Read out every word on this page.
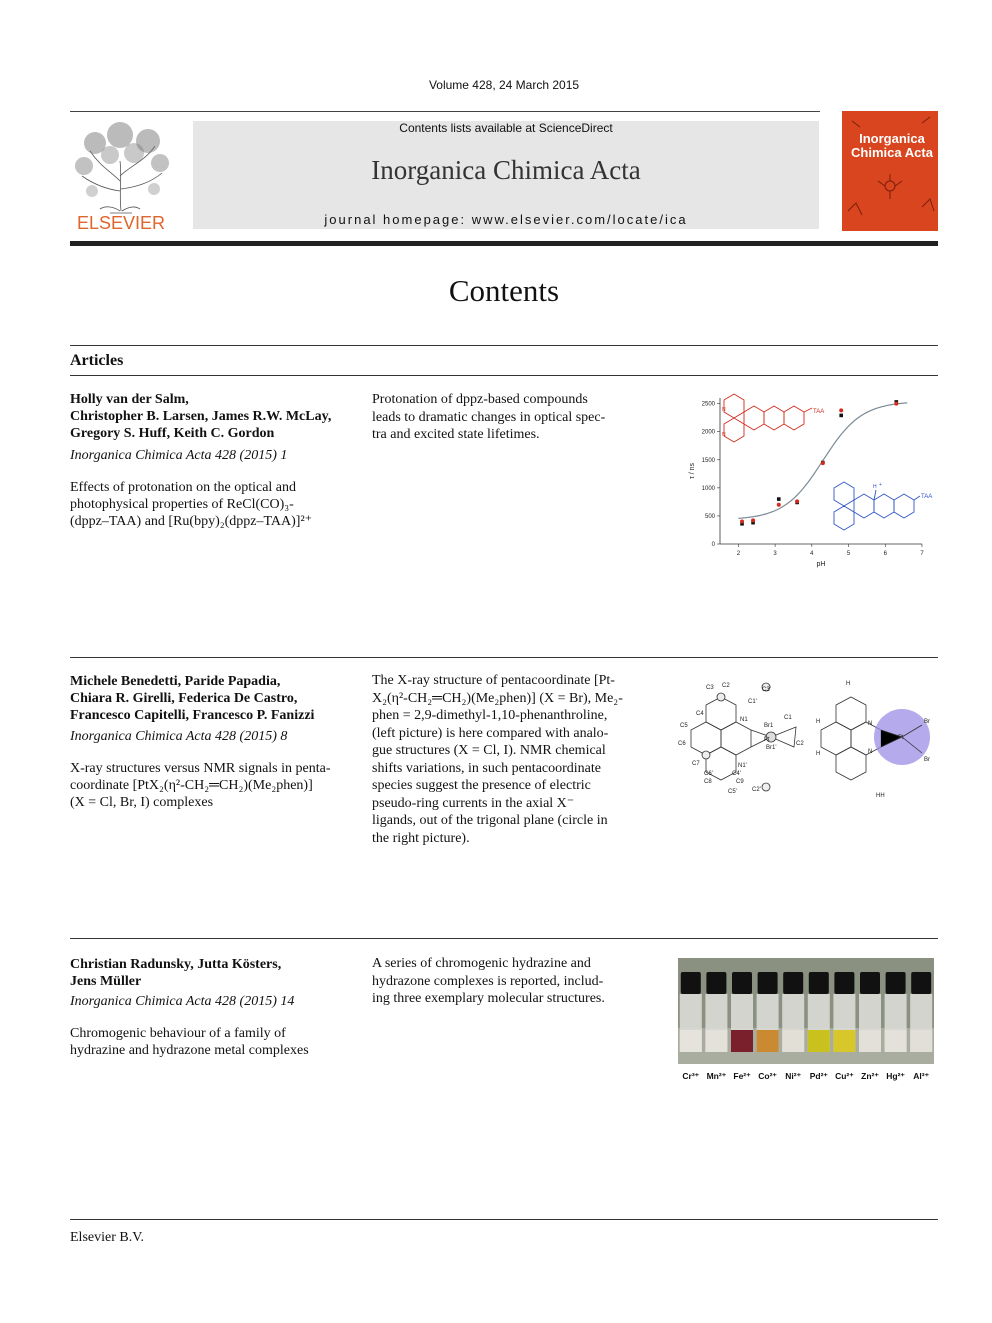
Volume 428, 24 March 2015
ELSEVIER
Contents lists available at ScienceDirect
Inorganica Chimica Acta
journal homepage: www.elsevier.com/locate/ica
Inorganica
Chimica Acta
Contents
Articles
Holly van der Salm,
Christopher B. Larsen, James R.W. McLay,
Gregory S. Huff, Keith C. Gordon
Inorganica Chimica Acta 428 (2015) 1
Effects of protonation on the optical and
photophysical properties of ReCl(CO)₃-
(dppz–TAA) and [Ru(bpy)₂(dppz–TAA)]²⁺
Protonation of dppz-based compounds
leads to dramatic changes in optical spec-
tra and excited state lifetimes.
2	3	4	5	6	7
0
500
1000
1500
2000
2500
pH
τ / ns
TAA
N
N
TAA
H +
Michele Benedetti, Paride Papadia,
Chiara R. Girelli, Federica De Castro,
Francesco Capitelli, Francesco P. Fanizzi
Inorganica Chimica Acta 428 (2015) 8
X-ray structures versus NMR signals in penta-
coordinate [PtX₂(η²-CH₂═CH₂)(Me₂phen)]
(X = Cl, Br, I) complexes
The X-ray structure of pentacoordinate [Pt-
X₂(η²-CH₂═CH₂)(Me₂phen)] (X = Br), Me₂-
phen = 2,9-dimethyl-1,10-phenanthroline,
(left picture) is here compared with analo-
gue structures (X = Cl, I). NMR chemical
shifts variations, in such pentacoordinate
species suggest the presence of electric
pseudo-ring currents in the axial X⁻
ligands, out of the trigonal plane (circle in
the right picture).
C3 C2
C4
C5
C6
C7
C8	C9
N1
N1'
Br1
Br1'
Pt
C1
C2
C1'
C3'
C4'
C5'
C6'
C2'
H
N
N
Pt
Br
Br
H
H
HH
Christian Radunsky, Jutta Kösters,
Jens Müller
Inorganica Chimica Acta 428 (2015) 14
Chromogenic behaviour of a family of
hydrazine and hydrazone metal complexes
A series of chromogenic hydrazine and
hydrazone complexes is reported, includ-
ing three exemplary molecular structures.
Cr³⁺ Mn²⁺ Fe²⁺ Co²⁺ Ni²⁺ Pd²⁺ Cu²⁺ Zn²⁺ Hg²⁺ Al³⁺
Elsevier B.V.
